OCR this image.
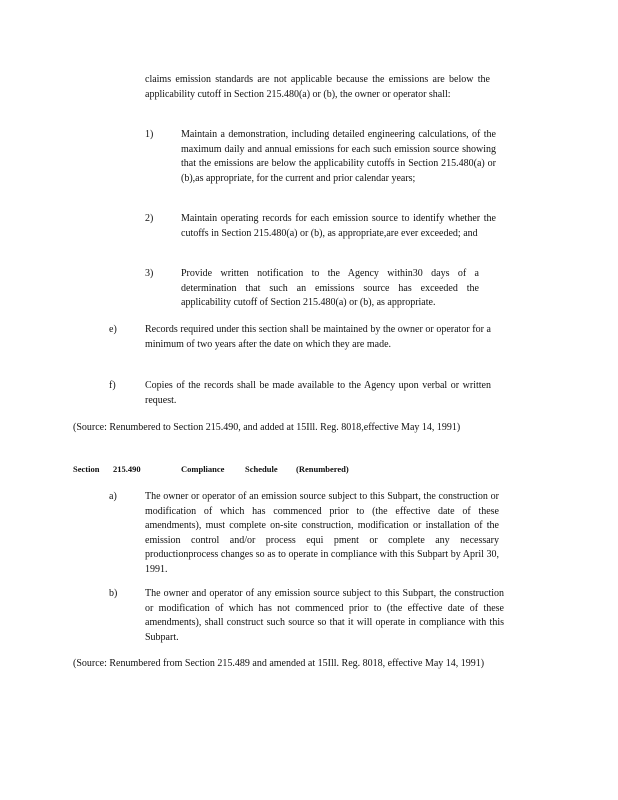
claims emission standards are not applicable because the emissions are below the applicability cutoff in Section 215.480(a) or (b), the owner or operator shall:
1)	Maintain a demonstration, including detailed engineering calculations, of the maximum daily and annual emissions for each such emission source showing that the emissions are below the applicability cutoffs in Section 215.480(a) or (b),as appropriate, for the current and prior calendar years;
2)	Maintain operating records for each emission source to identify whether the cutoffs in Section 215.480(a) or (b), as appropriate,are ever exceeded; and
3)	Provide written notification to the Agency within30 days of a determination that such an emissions source has exceeded the applicability cutoff of Section 215.480(a) or (b), as appropriate.
e)	Records required under this section shall be maintained by the owner or operator for a minimum of two years after the date on which they are made.
f)	Copies of the records shall be made available to the Agency upon verbal or written request.
(Source: Renumbered to Section 215.490, and added at 15Ill. Reg. 8018,effective May 14, 1991)
Section 215.490	Compliance Schedule (Renumbered)
a)	The owner or operator of an emission source subject to this Subpart, the construction or modification of which has commenced prior to (the effective date of these amendments), must complete on-site construction, modification or installation of the emission control and/or process equi pment or complete any necessary productionprocess changes so as to operate in compliance with this Subpart by April 30, 1991.
b)	The owner and operator of any emission source subject to this Subpart, the construction or modification of which has not commenced prior to (the effective date of these amendments), shall construct such source so that it will operate in compliance with this Subpart.
(Source: Renumbered from Section 215.489 and amended at 15Ill. Reg. 8018, effective May 14, 1991)
